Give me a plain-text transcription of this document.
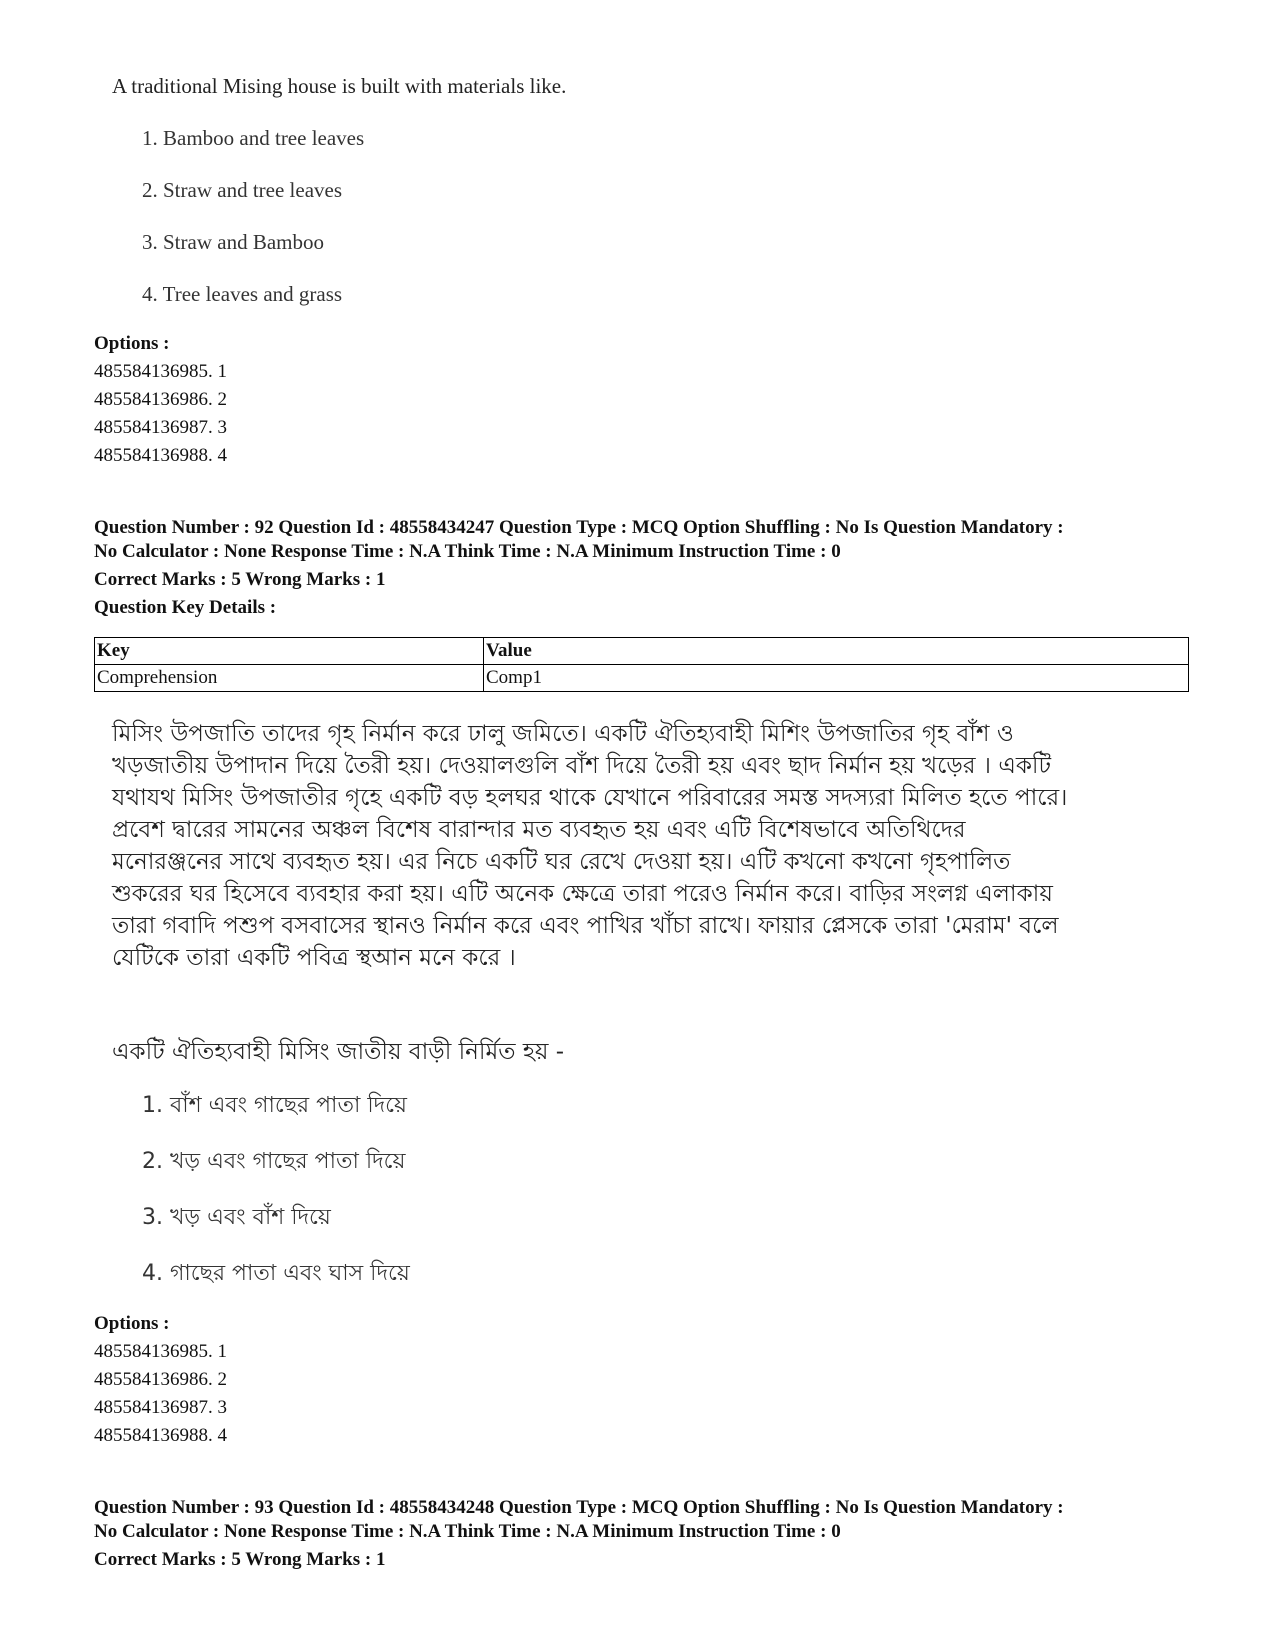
A traditional Mising house is built with materials like.
1. Bamboo and tree leaves
2. Straw and tree leaves
3. Straw and Bamboo
4. Tree leaves and grass
Options :
485584136985. 1
485584136986. 2
485584136987. 3
485584136988. 4
Question Number : 92 Question Id : 48558434247 Question Type : MCQ Option Shuffling : No Is Question Mandatory :
No Calculator : None Response Time : N.A Think Time : N.A Minimum Instruction Time : 0
Correct Marks : 5 Wrong Marks : 1
Question Key Details :
Key	Value
Comprehension	Comp1
মিসিং উপজাতি তাদের গৃহ নির্মান করে ঢালু জমিতে। একটি ঐতিহ্যবাহী মিশিং উপজাতির গৃহ বাঁশ ও
খড়জাতীয় উপাদান দিয়ে তৈরী হয়। দেওয়ালগুলি বাঁশ দিয়ে তৈরী হয় এবং ছাদ নির্মান হয় খড়ের । একটি
যথাযথ মিসিং উপজাতীর গৃহে একটি বড় হলঘর থাকে যেখানে পরিবারের সমস্ত সদস্যরা মিলিত হতে পারে।
প্রবেশ দ্বারের সামনের অঞ্চল বিশেষ বারান্দার মত ব্যবহৃত হয় এবং এটি বিশেষভাবে অতিথিদের
মনোরঞ্জনের সাথে ব্যবহৃত হয়। এর নিচে একটি ঘর রেখে দেওয়া হয়। এটি কখনো কখনো গৃহপালিত
শুকরের ঘর হিসেবে ব্যবহার করা হয়। এটি অনেক ক্ষেত্রে তারা পরেও নির্মান করে। বাড়ির সংলগ্ন এলাকায়
তারা গবাদি পশুপ বসবাসের স্থানও নির্মান করে এবং পাখির খাঁচা রাখে। ফায়ার প্লেসকে তারা 'মেরাম' বলে
যেটিকে তারা একটি পবিত্র স্থআন মনে করে ।
একটি ঐতিহ্যবাহী মিসিং জাতীয় বাড়ী নির্মিত হয় -
1. বাঁশ এবং গাছের পাতা দিয়ে
2. খড় এবং গাছের পাতা দিয়ে
3. খড় এবং বাঁশ দিয়ে
4. গাছের পাতা এবং ঘাস দিয়ে
Options :
485584136985. 1
485584136986. 2
485584136987. 3
485584136988. 4
Question Number : 93 Question Id : 48558434248 Question Type : MCQ Option Shuffling : No Is Question Mandatory :
No Calculator : None Response Time : N.A Think Time : N.A Minimum Instruction Time : 0
Correct Marks : 5 Wrong Marks : 1
